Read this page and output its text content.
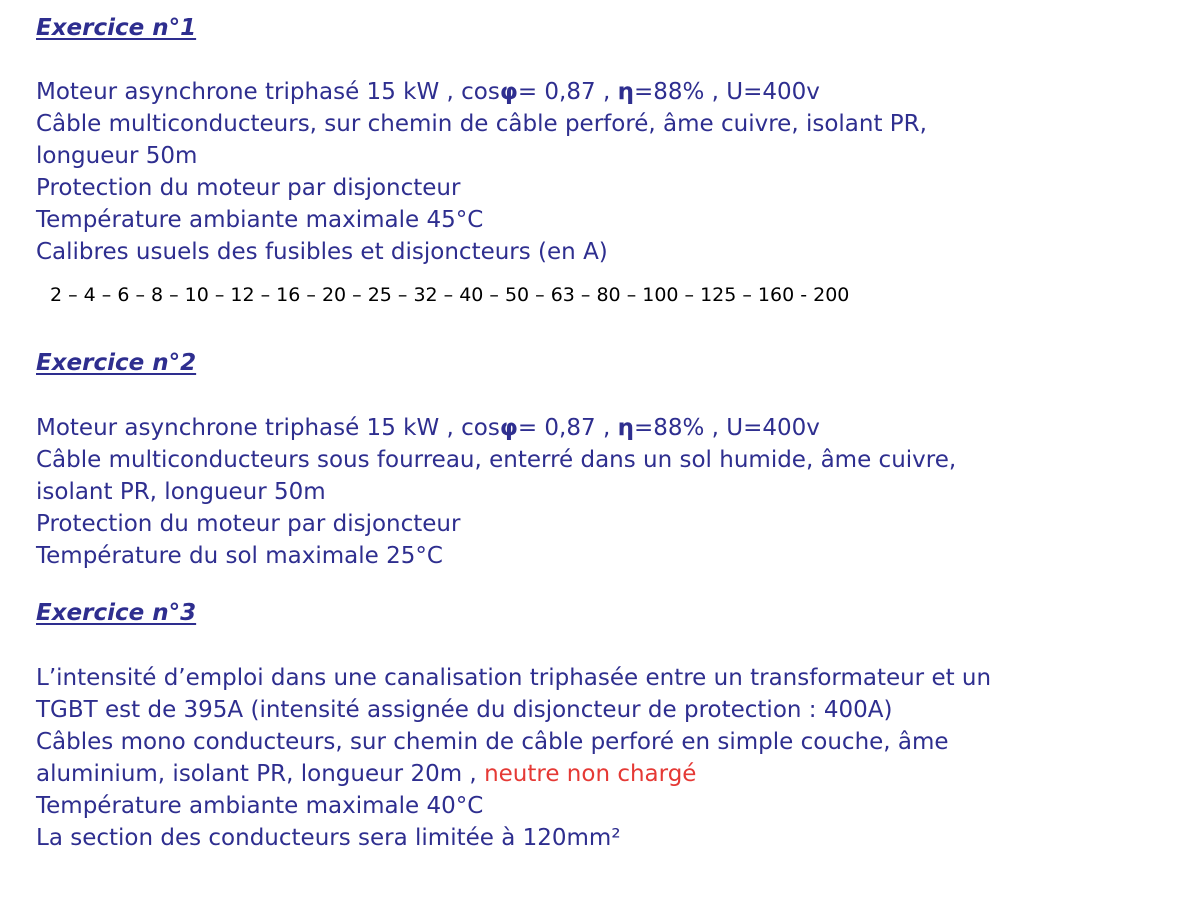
Exercice n°1
Moteur asynchrone triphasé 15 kW , cosφ= 0,87 , η=88% , U=400v
Câble multiconducteurs, sur chemin de câble perforé, âme cuivre, isolant PR,
longueur 50m
Protection du moteur par disjoncteur
Température ambiante maximale 45°C
Calibres usuels des fusibles et disjoncteurs (en A)
2 – 4 – 6 – 8 – 10 – 12 – 16 – 20 – 25 – 32 – 40 – 50 – 63 – 80 – 100 – 125 – 160 - 200
Exercice n°2
Moteur asynchrone triphasé 15 kW , cosφ= 0,87 , η=88% , U=400v
Câble multiconducteurs sous fourreau, enterré dans un sol humide, âme cuivre,
isolant PR, longueur 50m
Protection du moteur par disjoncteur
Température du sol maximale 25°C
Exercice n°3
L’intensité d’emploi dans une canalisation triphasée entre un transformateur et un
TGBT est de 395A (intensité assignée du disjoncteur de protection : 400A)
Câbles mono conducteurs, sur chemin de câble perforé en simple couche, âme
aluminium, isolant PR, longueur 20m , neutre non chargé
Température ambiante maximale 40°C
La section des conducteurs sera limitée à 120mm²
